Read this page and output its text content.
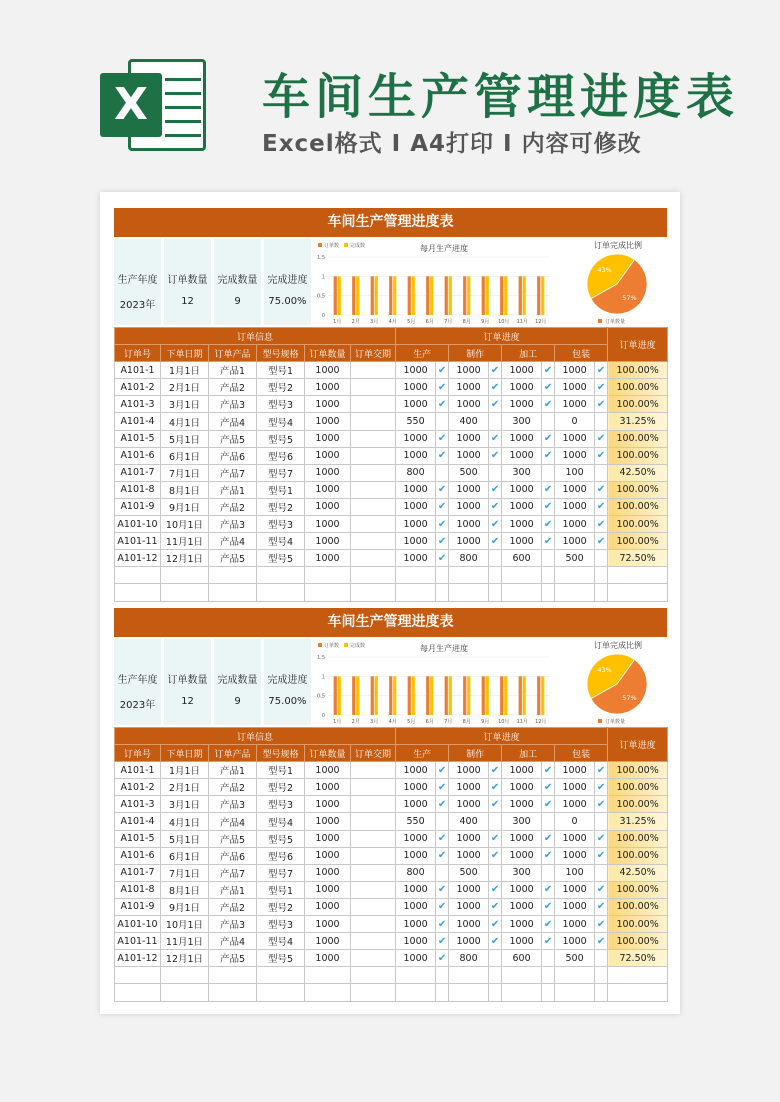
X 车间生产管理进度表
Excel格式 I A4打印 I 内容可修改
车间生产管理进度表
生产年度
2023年
订单数量
12
完成数量
9
完成进度
75.00%
订单数 完成数	每月生产进度
1.5
1
0.5
0
1月 2月 3月 4月 5月 6月 7月 8月 9月 10月 11月 12月
订单完成比例
57%
43%
订单数量
订单信息						订单进度								订单进度
订单号	下单日期	订单产品	型号规格	订单数量	订单交期	生产		制作		加工		包装		
A101-1	1月1日	产品1	型号1	1000		1000	✔	1000	✔	1000	✔	1000	✔	100.00%
A101-2	2月1日	产品2	型号2	1000		1000	✔	1000	✔	1000	✔	1000	✔	100.00%
A101-3	3月1日	产品3	型号3	1000		1000	✔	1000	✔	1000	✔	1000	✔	100.00%
A101-4	4月1日	产品4	型号4	1000		550		400		300		0		31.25%
A101-5	5月1日	产品5	型号5	1000		1000	✔	1000	✔	1000	✔	1000	✔	100.00%
A101-6	6月1日	产品6	型号6	1000		1000	✔	1000	✔	1000	✔	1000	✔	100.00%
A101-7	7月1日	产品7	型号7	1000		800		500		300		100		42.50%
A101-8	8月1日	产品1	型号1	1000		1000	✔	1000	✔	1000	✔	1000	✔	100.00%
A101-9	9月1日	产品2	型号2	1000		1000	✔	1000	✔	1000	✔	1000	✔	100.00%
A101-10	10月1日	产品3	型号3	1000		1000	✔	1000	✔	1000	✔	1000	✔	100.00%
A101-11	11月1日	产品4	型号4	1000		1000	✔	1000	✔	1000	✔	1000	✔	100.00%
A101-12	12月1日	产品5	型号5	1000		1000	✔	800		600		500		72.50%

车间生产管理进度表
生产年度
2023年
订单数量
12
完成数量
9
完成进度
75.00%
订单数 完成数	每月生产进度
1.5
1
0.5
0
1月 2月 3月 4月 5月 6月 7月 8月 9月 10月 11月 12月
订单完成比例
57%
43%
订单数量
订单信息						订单进度								订单进度
订单号	下单日期	订单产品	型号规格	订单数量	订单交期	生产		制作		加工		包装		
A101-1	1月1日	产品1	型号1	1000		1000	✔	1000	✔	1000	✔	1000	✔	100.00%
A101-2	2月1日	产品2	型号2	1000		1000	✔	1000	✔	1000	✔	1000	✔	100.00%
A101-3	3月1日	产品3	型号3	1000		1000	✔	1000	✔	1000	✔	1000	✔	100.00%
A101-4	4月1日	产品4	型号4	1000		550		400		300		0		31.25%
A101-5	5月1日	产品5	型号5	1000		1000	✔	1000	✔	1000	✔	1000	✔	100.00%
A101-6	6月1日	产品6	型号6	1000		1000	✔	1000	✔	1000	✔	1000	✔	100.00%
A101-7	7月1日	产品7	型号7	1000		800		500		300		100		42.50%
A101-8	8月1日	产品1	型号1	1000		1000	✔	1000	✔	1000	✔	1000	✔	100.00%
A101-9	9月1日	产品2	型号2	1000		1000	✔	1000	✔	1000	✔	1000	✔	100.00%
A101-10	10月1日	产品3	型号3	1000		1000	✔	1000	✔	1000	✔	1000	✔	100.00%
A101-11	11月1日	产品4	型号4	1000		1000	✔	1000	✔	1000	✔	1000	✔	100.00%
A101-12	12月1日	产品5	型号5	1000		1000	✔	800		600		500		72.50%
